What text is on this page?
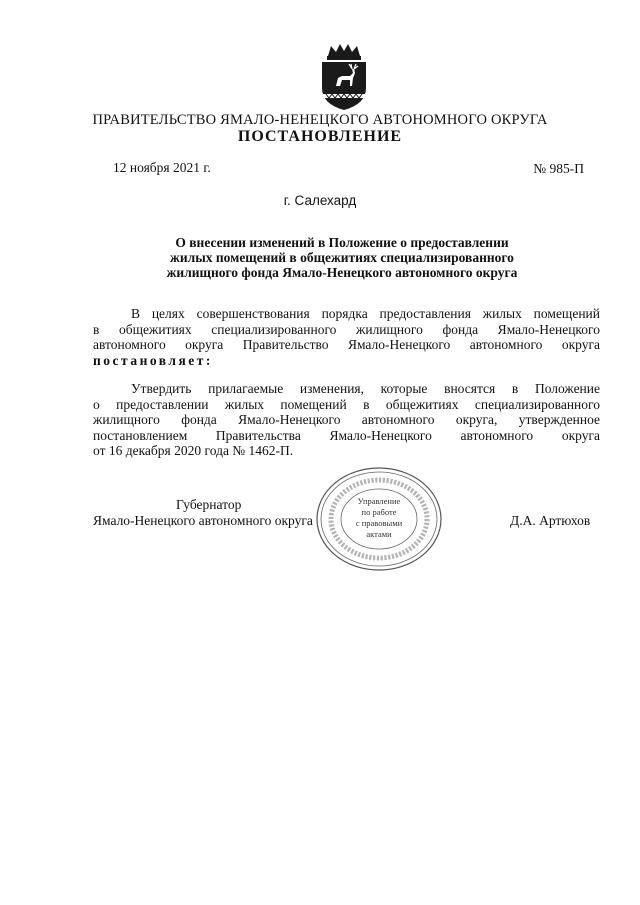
ПРАВИТЕЛЬСТВО ЯМАЛО-НЕНЕЦКОГО АВТОНОМНОГО ОКРУГА
ПОСТАНОВЛЕНИЕ
12 ноября 2021 г.	№ 985-П
г. Салехард
О внесении изменений в Положение о предоставлении
жилых помещений в общежитиях специализированного
жилищного фонда Ямало-Ненецкого автономного округа
В целях совершенствования порядка предоставления жилых помещений
в общежитиях специализированного жилищного фонда Ямало-Ненецкого
автономного округа Правительство Ямало-Ненецкого автономного округа
постановляет:
Утвердить прилагаемые изменения, которые вносятся в Положение
о предоставлении жилых помещений в общежитиях специализированного
жилищного фонда Ямало-Ненецкого автономного округа, утвержденное
постановлением Правительства Ямало-Ненецкого автономного округа
от 16 декабря 2020 года № 1462-П.
Губернатор
Ямало-Ненецкого автономного округа	Д.А. Артюхов
Управление
по работе
с правовыми
актами
